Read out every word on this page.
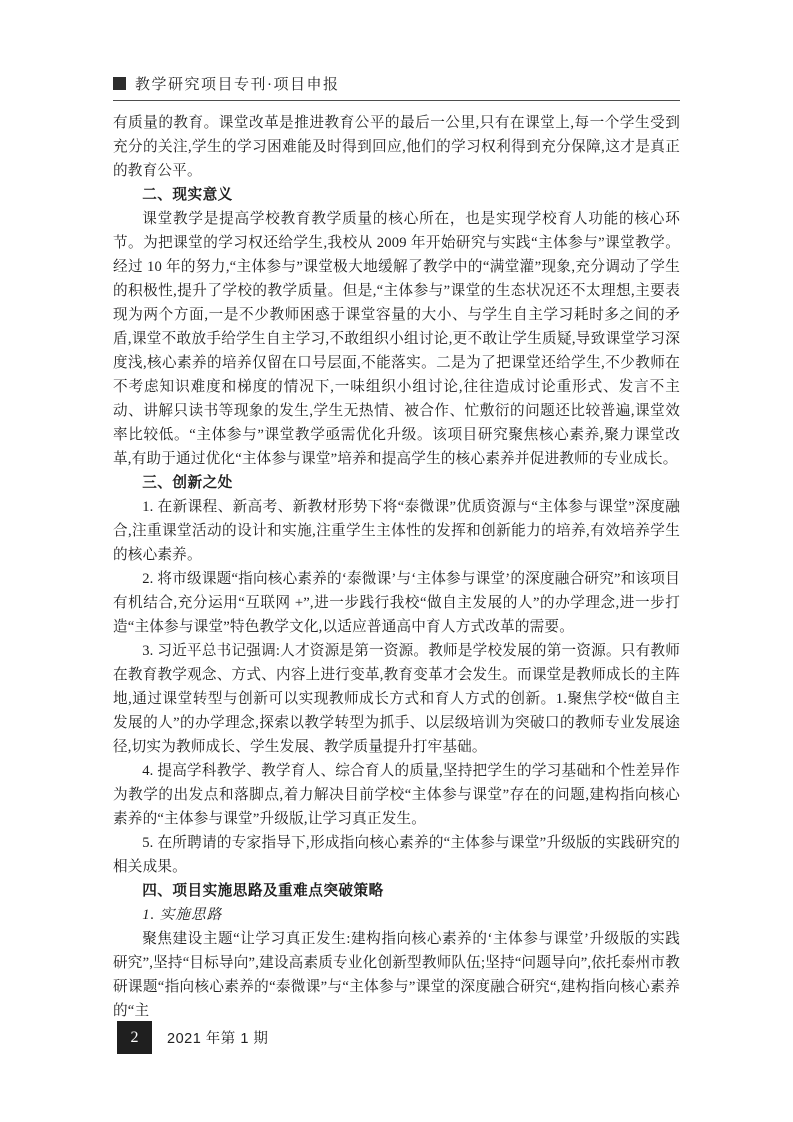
教学研究项目专刊·项目申报

有质量的教育。课堂改革是推进教育公平的最后一公里,只有在课堂上,每一个学生受到充分的关注,学生的学习困难能及时得到回应,他们的学习权利得到充分保障,这才是真正的教育公平。

二、现实意义

课堂教学是提高学校教育教学质量的核心所在，也是实现学校育人功能的核心环节。为把课堂的学习权还给学生,我校从 2009 年开始研究与实践“主体参与”课堂教学。经过 10 年的努力,“主体参与”课堂极大地缓解了教学中的“满堂灌”现象,充分调动了学生的积极性,提升了学校的教学质量。但是,“主体参与”课堂的生态状况还不太理想,主要表现为两个方面,一是不少教师困惑于课堂容量的大小、与学生自主学习耗时多之间的矛盾,课堂不敢放手给学生自主学习,不敢组织小组讨论,更不敢让学生质疑,导致课堂学习深度浅,核心素养的培养仅留在口号层面,不能落实。二是为了把课堂还给学生,不少教师在不考虑知识难度和梯度的情况下,一味组织小组讨论,往往造成讨论重形式、发言不主动、讲解只读书等现象的发生,学生无热情、被合作、忙敷衍的问题还比较普遍,课堂效率比较低。“主体参与”课堂教学亟需优化升级。该项目研究聚焦核心素养,聚力课堂改革,有助于通过优化“主体参与课堂”培养和提高学生的核心素养并促进教师的专业成长。

三、创新之处

1. 在新课程、新高考、新教材形势下将“泰微课”优质资源与“主体参与课堂”深度融合,注重课堂活动的设计和实施,注重学生主体性的发挥和创新能力的培养,有效培养学生的核心素养。

2. 将市级课题“指向核心素养的‘泰微课’与‘主体参与课堂’的深度融合研究”和该项目有机结合,充分运用“互联网 +”,进一步践行我校“做自主发展的人”的办学理念,进一步打造“主体参与课堂”特色教学文化,以适应普通高中育人方式改革的需要。

3. 习近平总书记强调:人才资源是第一资源。教师是学校发展的第一资源。只有教师在教育教学观念、方式、内容上进行变革,教育变革才会发生。而课堂是教师成长的主阵地,通过课堂转型与创新可以实现教师成长方式和育人方式的创新。1.聚焦学校“做自主发展的人”的办学理念,探索以教学转型为抓手、以层级培训为突破口的教师专业发展途径,切实为教师成长、学生发展、教学质量提升打牢基础。

4. 提高学科教学、教学育人、综合育人的质量,坚持把学生的学习基础和个性差异作为教学的出发点和落脚点,着力解决目前学校“主体参与课堂”存在的问题,建构指向核心素养的“主体参与课堂”升级版,让学习真正发生。

5. 在所聘请的专家指导下,形成指向核心素养的“主体参与课堂”升级版的实践研究的相关成果。

四、项目实施思路及重难点突破策略

1. 实施思路

聚焦建设主题“让学习真正发生:建构指向核心素养的‘主体参与课堂’升级版的实践研究”,坚持“目标导向”,建设高素质专业化创新型教师队伍;坚持“问题导向”,依托泰州市教研课题“指向核心素养的“泰微课”与“主体参与”课堂的深度融合研究“,建构指向核心素养的“主

2	2021 年第 1 期
